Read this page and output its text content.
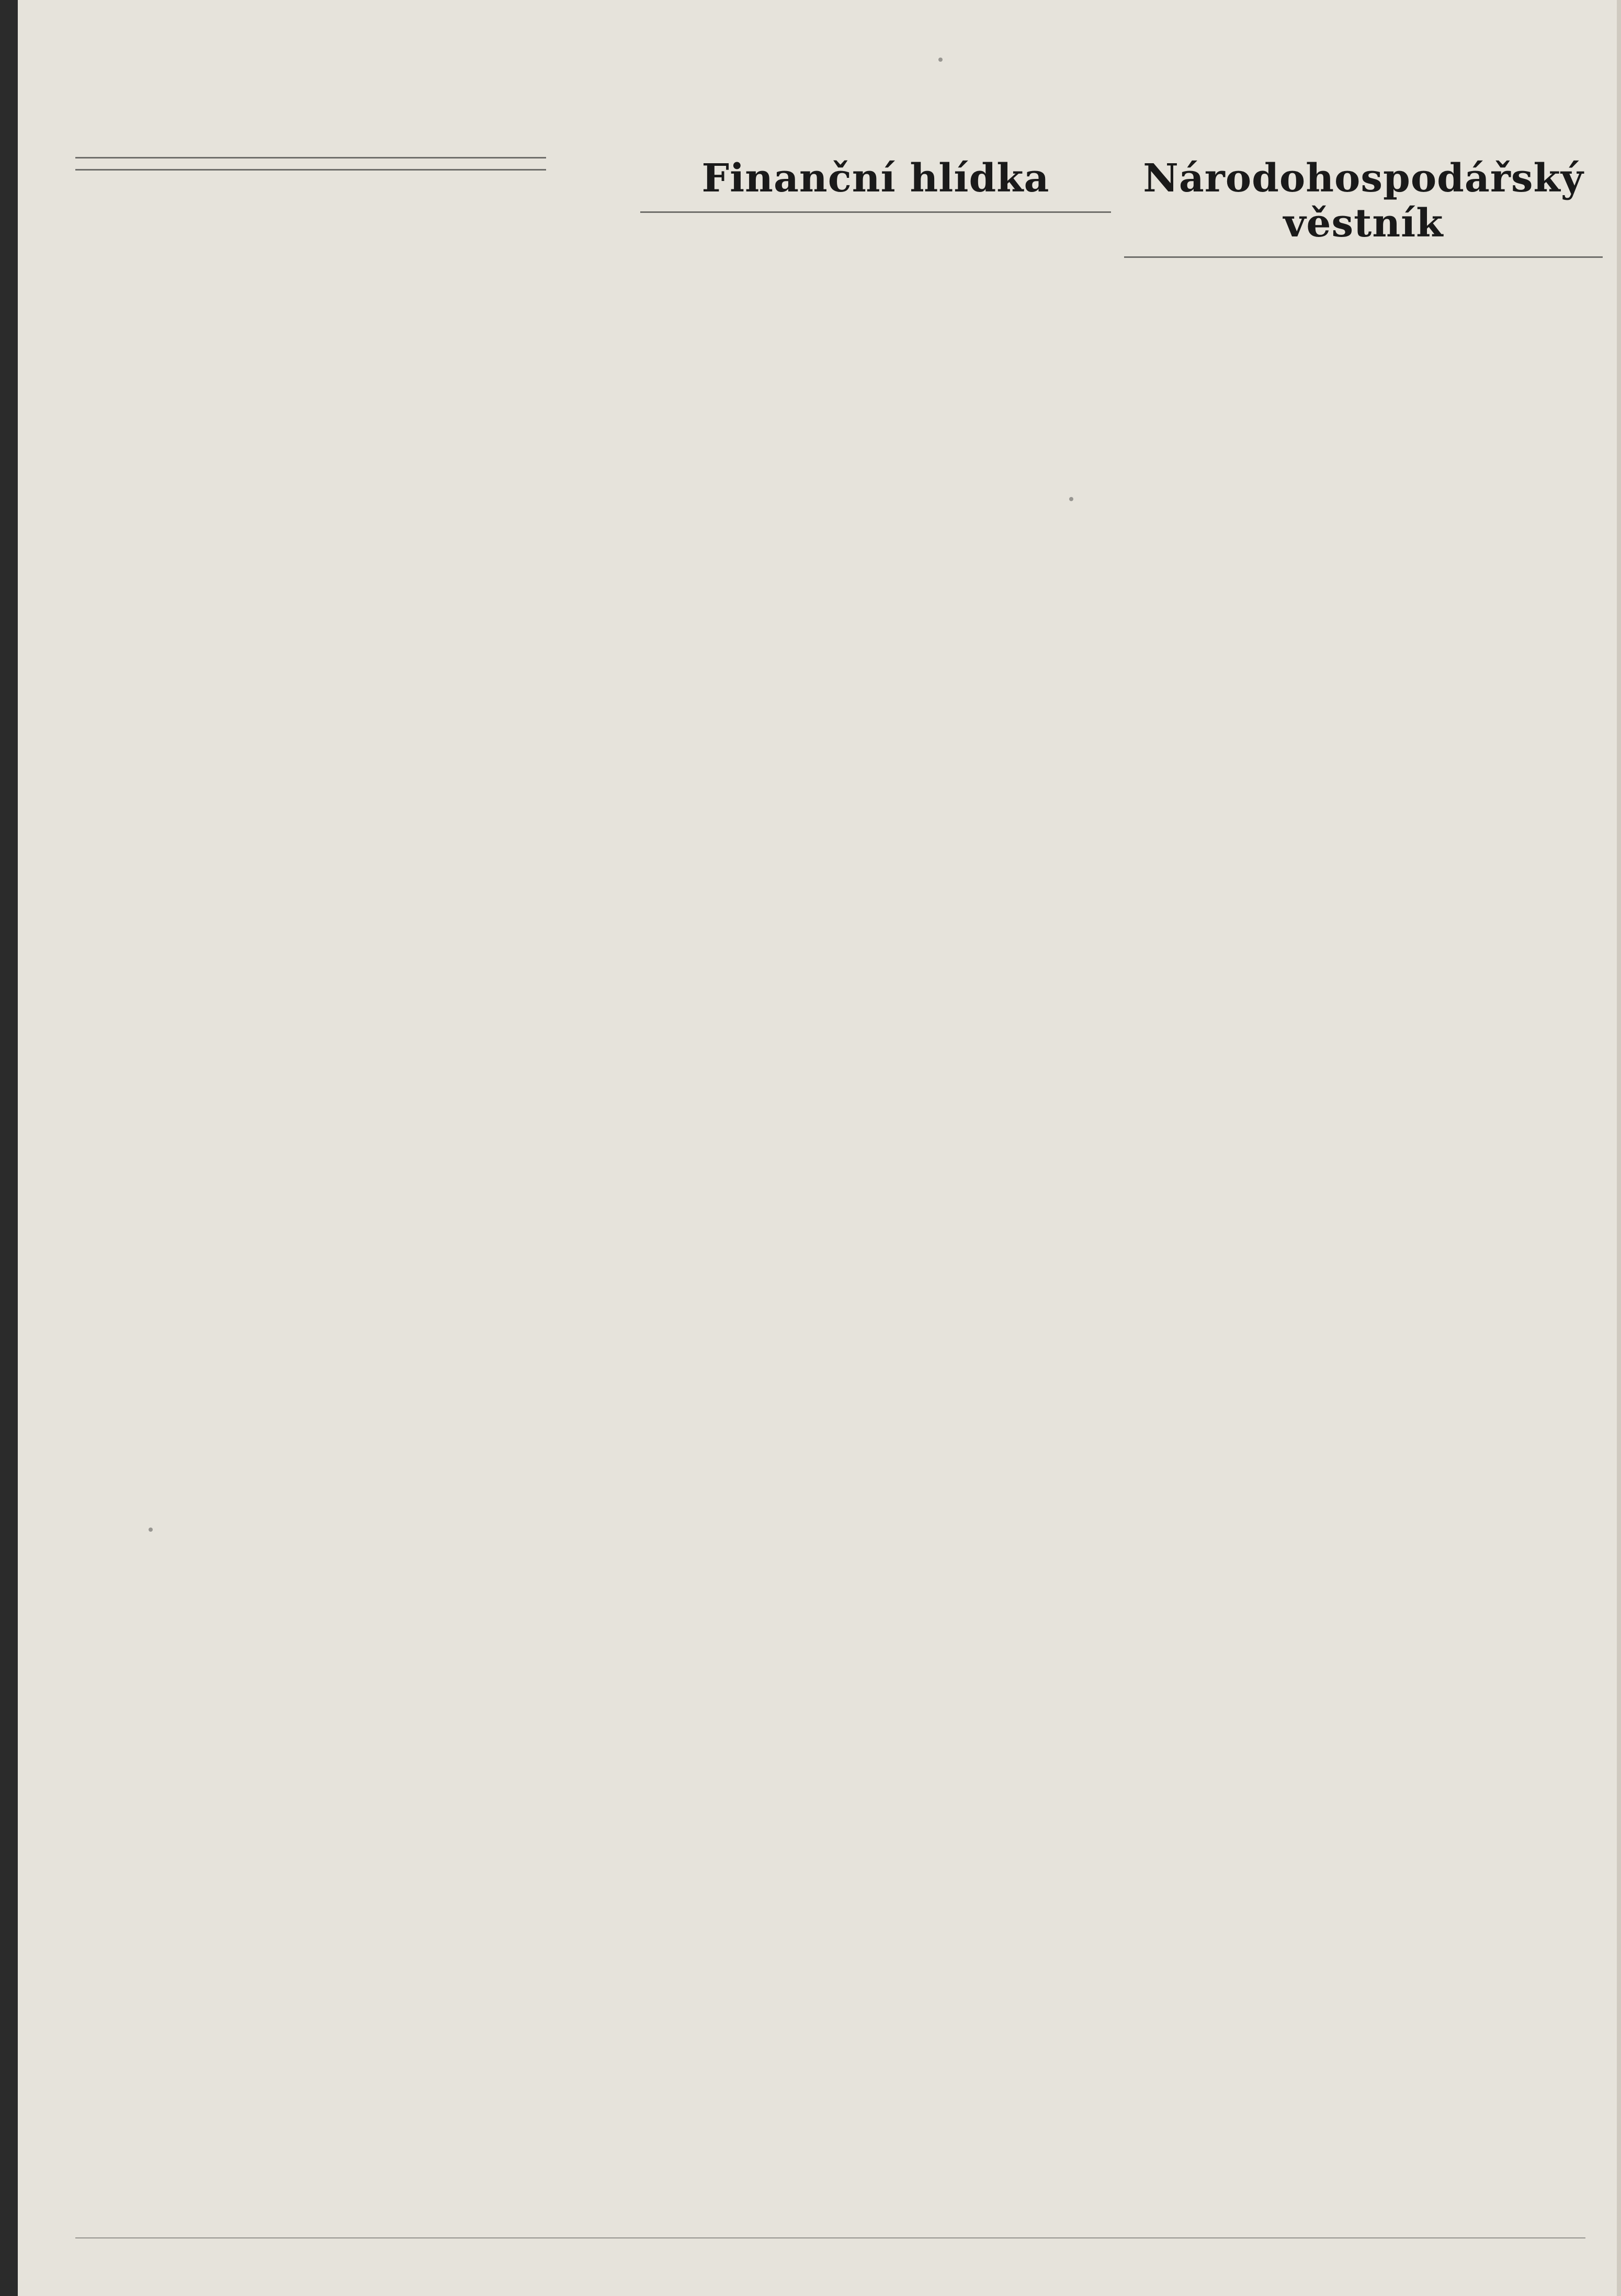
Finanční hlídka	Národohospodářský věstník
